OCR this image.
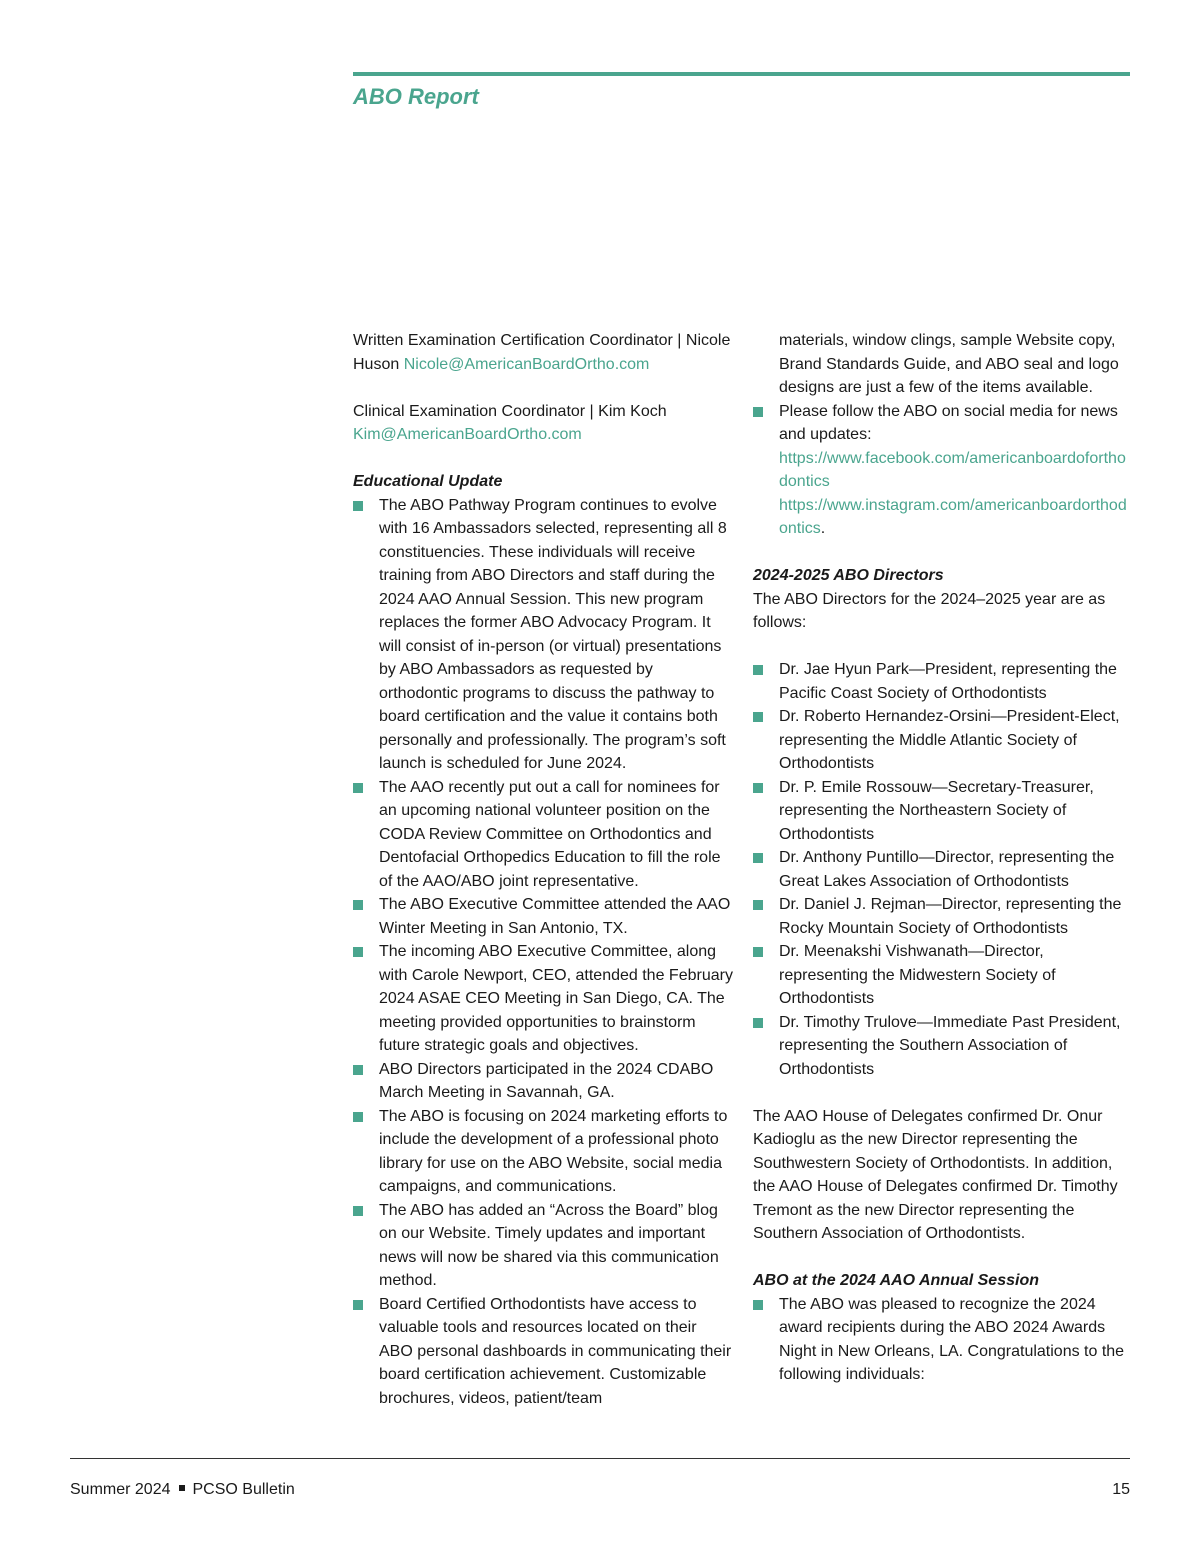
ABO Report

Written Examination Certification Coordinator | Nicole Huson Nicole@AmericanBoardOrtho.com

Clinical Examination Coordinator | Kim Koch
Kim@AmericanBoardOrtho.com

Educational Update

The ABO Pathway Program continues to evolve with 16 Ambassadors selected, representing all 8 constituencies. These individuals will receive training from ABO Directors and staff during the 2024 AAO Annual Session. This new program replaces the former ABO Advocacy Program. It will consist of in-person (or virtual) presentations by ABO Ambassadors as requested by orthodontic programs to discuss the pathway to board certification and the value it contains both personally and professionally. The program’s soft launch is scheduled for June 2024.
The AAO recently put out a call for nominees for an upcoming national volunteer position on the CODA Review Committee on Orthodontics and Dentofacial Orthopedics Education to fill the role of the AAO/ABO joint representative.
The ABO Executive Committee attended the AAO Winter Meeting in San Antonio, TX.
The incoming ABO Executive Committee, along with Carole Newport, CEO, attended the February 2024 ASAE CEO Meeting in San Diego, CA. The meeting provided opportunities to brainstorm future strategic goals and objectives.
ABO Directors participated in the 2024 CDABO March Meeting in Savannah, GA.
The ABO is focusing on 2024 marketing efforts to include the development of a professional photo library for use on the ABO Website, social media campaigns, and communications.
The ABO has added an “Across the Board” blog on our Website. Timely updates and important news will now be shared via this communication method.
Board Certified Orthodontists have access to valuable tools and resources located on their ABO personal dashboards in communicating their board certification achievement. Customizable brochures, videos, patient/team
materials, window clings, sample Website copy, Brand Standards Guide, and ABO seal and logo designs are just a few of the items available.
Please follow the ABO on social media for news and updates:
https://www.facebook.com/americanboardoforthodontics
https://www.instagram.com/americanboardorthodontics.

2024-2025 ABO Directors

The ABO Directors for the 2024–2025 year are as follows:

Dr. Jae Hyun Park—President, representing the Pacific Coast Society of Orthodontists
Dr. Roberto Hernandez-Orsini—President-Elect, representing the Middle Atlantic Society of Orthodontists
Dr. P. Emile Rossouw—Secretary-Treasurer, representing the Northeastern Society of Orthodontists
Dr. Anthony Puntillo—Director, representing the Great Lakes Association of Orthodontists
Dr. Daniel J. Rejman—Director, representing the Rocky Mountain Society of Orthodontists
Dr. Meenakshi Vishwanath—Director, representing the Midwestern Society of Orthodontists
Dr. Timothy Trulove—Immediate Past President, representing the Southern Association of Orthodontists

The AAO House of Delegates confirmed Dr. Onur Kadioglu as the new Director representing the Southwestern Society of Orthodontists. In addition, the AAO House of Delegates confirmed Dr. Timothy Tremont as the new Director representing the Southern Association of Orthodontists.

ABO at the 2024 AAO Annual Session

The ABO was pleased to recognize the 2024 award recipients during the ABO 2024 Awards Night in New Orleans, LA. Congratulations to the following individuals:
Summer 2024 PCSO Bulletin	15
